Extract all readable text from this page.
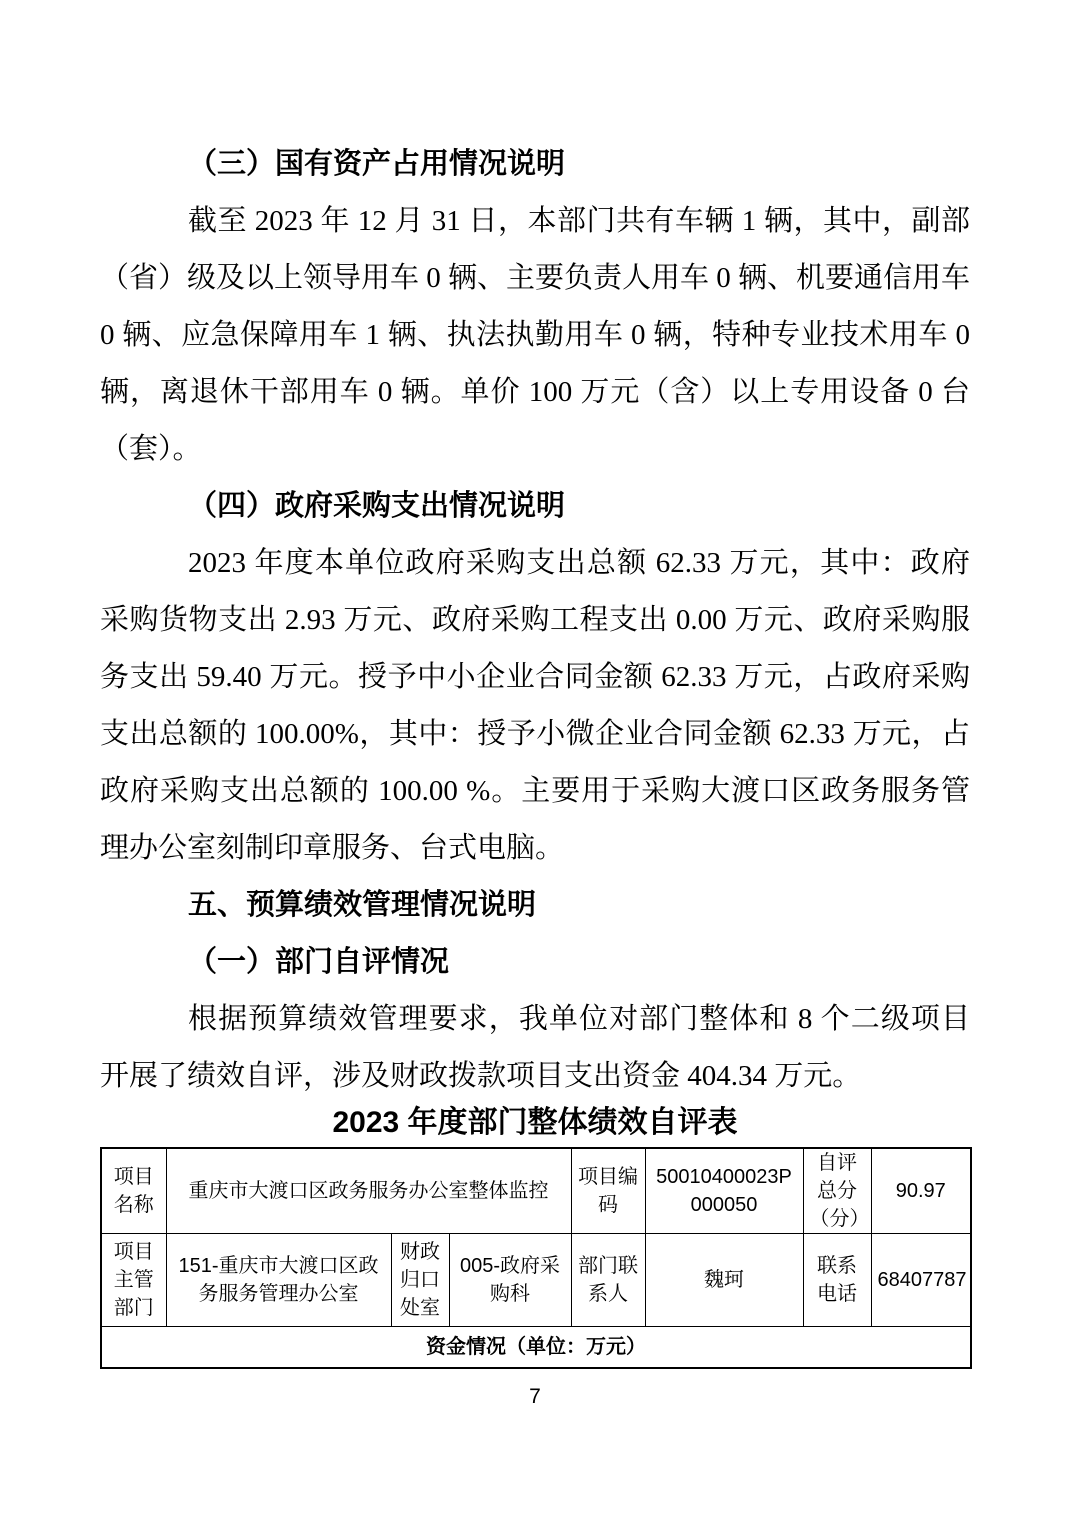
（三）国有资产占用情况说明

截至 2023 年 12 月 31 日，本部门共有车辆 1 辆，其中，副部（省）级及以上领导用车 0 辆、主要负责人用车 0 辆、机要通信用车 0 辆、应急保障用车 1 辆、执法执勤用车 0 辆，特种专业技术用车 0 辆，离退休干部用车 0 辆。单价 100 万元（含）以上专用设备 0 台（套）。

（四）政府采购支出情况说明

2023 年度本单位政府采购支出总额 62.33 万元，其中：政府采购货物支出 2.93 万元、政府采购工程支出 0.00 万元、政府采购服务支出 59.40 万元。授予中小企业合同金额 62.33 万元，占政府采购支出总额的 100.00%，其中：授予小微企业合同金额 62.33 万元，占政府采购支出总额的 100.00 %。主要用于采购大渡口区政务服务管理办公室刻制印章服务、台式电脑。

五、预算绩效管理情况说明
（一）部门自评情况

根据预算绩效管理要求，我单位对部门整体和 8 个二级项目开展了绩效自评，涉及财政拨款项目支出资金 404.34 万元。

2023 年度部门整体绩效自评表
项目名称	重庆市大渡口区政务服务办公室整体监控			项目编码	50010400023P000050	自评总分（分）	90.97
项目主管部门	151-重庆市大渡口区政务服务管理办公室	财政归口处室	005-政府采购科	部门联系人	魏珂	联系电话	68407787
资金情况（单位：万元）							
7
